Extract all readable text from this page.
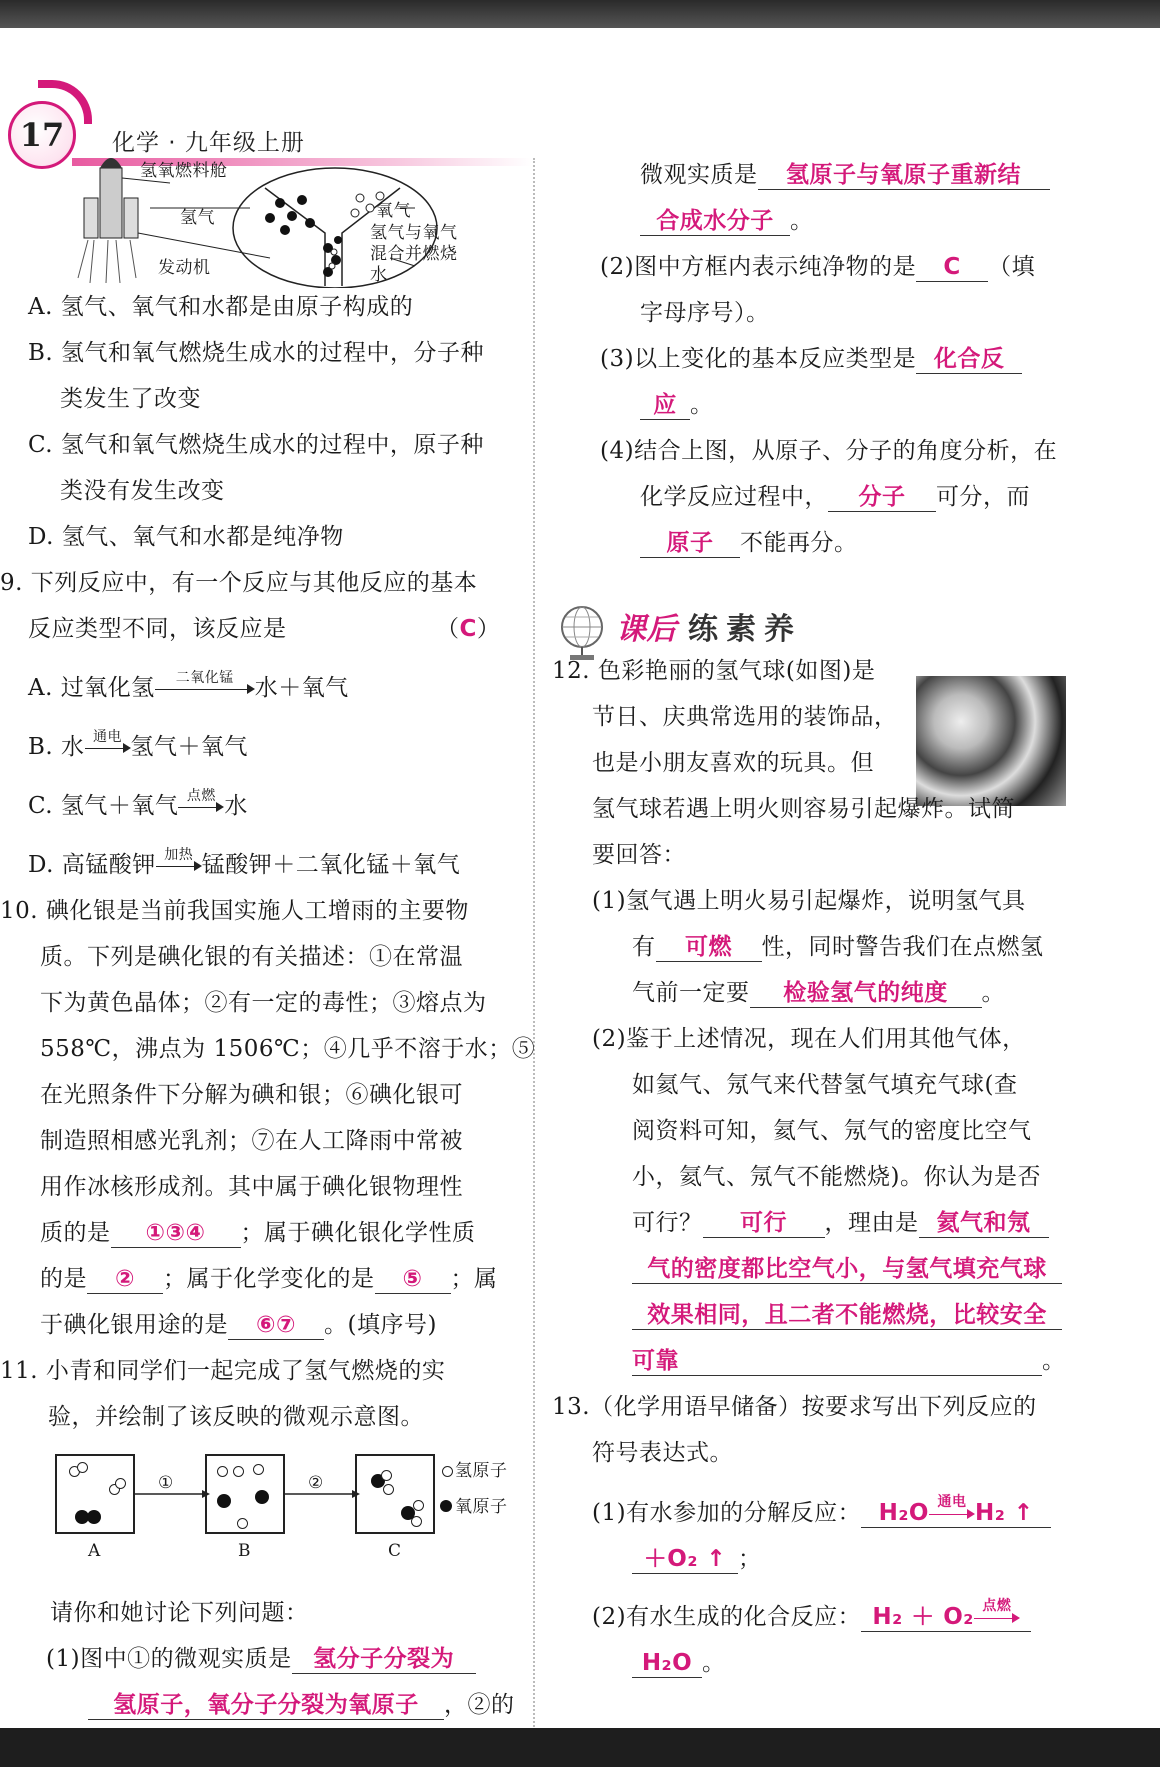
17	化学 · 九年级上册
氢氧燃料舱
氢气
发动机
氧气
氢气与氧气
混合并燃烧
水
A. 氢气、氧气和水都是由原子构成的
B. 氢气和氧气燃烧生成水的过程中，分子种
类发生了改变
C. 氢气和氧气燃烧生成水的过程中，原子种
类没有发生改变
D. 氢气、氧气和水都是纯净物
9. 下列反应中，有一个反应与其他反应的基本
反应类型不同，该反应是	（C）
A. 过氧化氢	二氧化锰 水＋氧气
B. 水 通电 氢气＋氧气
C. 氢气＋氧气 点燃 水
D. 高锰酸钾 加热 锰酸钾＋二氧化锰＋氧气
10. 碘化银是当前我国实施人工增雨的主要物
质。下列是碘化银的有关描述：①在常温
下为黄色晶体；②有一定的毒性；③熔点为
558℃，沸点为 1506℃；④几乎不溶于水；⑤
在光照条件下分解为碘和银；⑥碘化银可
制造照相感光乳剂；⑦在人工降雨中常被
用作冰核形成剂。其中属于碘化银物理性
质的是 ①③④ ；属于碘化银化学性质
的是 ② ；属于化学变化的是 ⑤ ；属
于碘化银用途的是 ⑥⑦ 。(填序号)
11. 小青和同学们一起完成了氢气燃烧的实
验，并绘制了该反映的微观示意图。
①	②
A	B	C
氢原子
氧原子
请你和她讨论下列问题：
(1)图中①的微观实质是 氢分子分裂为
氢原子，氧分子分裂为氧原子 ，②的
微观实质是 氢原子与氧原子重新结
合成水分子 。
(2)图中方框内表示纯净物的是 C （填
字母序号）。
(3)以上变化的基本反应类型是 化合反
应 。
(4)结合上图，从原子、分子的角度分析，在
化学反应过程中， 分子 可分，而
原子 不能再分。
课后 练素养
12. 色彩艳丽的氢气球(如图)是
节日、庆典常选用的装饰品，
也是小朋友喜欢的玩具。但
氢气球若遇上明火则容易引起爆炸。试简
要回答：
(1)氢气遇上明火易引起爆炸，说明氢气具
有 可燃 性，同时警告我们在点燃氢
气前一定要 检验氢气的纯度 。
(2)鉴于上述情况，现在人们用其他气体，
如氦气、氖气来代替氢气填充气球(查
阅资料可知，氦气、氖气的密度比空气
小，氦气、氖气不能燃烧)。你认为是否
可行？ 可行 ，理由是 氦气和氖
气的密度都比空气小，与氢气填充气球
效果相同，且二者不能燃烧，比较安全
可靠	。
13.（化学用语早储备）按要求写出下列反应的
符号表达式。
(1)有水参加的分解反应： H₂O 通电 H₂ ↑
＋O₂ ↑ ；
(2)有水生成的化合反应： H₂ ＋ O₂ 点燃
H₂O 。
